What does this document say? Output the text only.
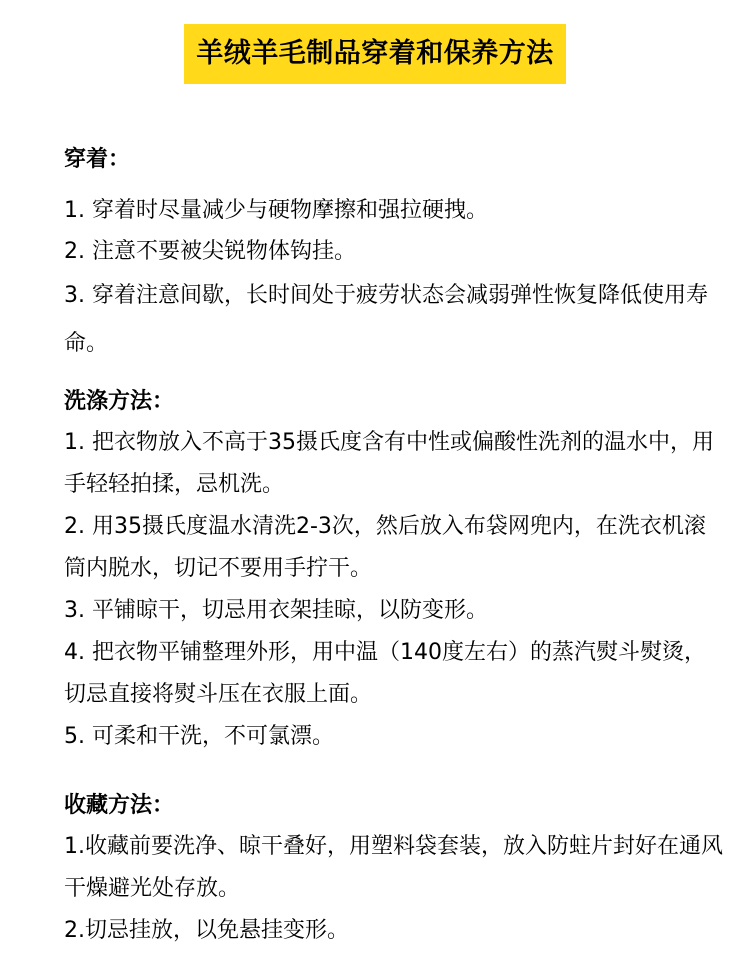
羊绒羊毛制品穿着和保养方法

穿着：

1. 穿着时尽量减少与硬物摩擦和强拉硬拽。

2. 注意不要被尖锐物体钩挂。

3. 穿着注意间歇，长时间处于疲劳状态会减弱弹性恢复降低使用寿命。

洗涤方法：

1. 把衣物放入不高于35摄氏度含有中性或偏酸性洗剂的温水中，用手轻轻拍揉，忌机洗。

2. 用35摄氏度温水清洗2-3次，然后放入布袋网兜内，在洗衣机滚筒内脱水，切记不要用手拧干。

3. 平铺晾干，切忌用衣架挂晾，以防变形。

4. 把衣物平铺整理外形，用中温（140度左右）的蒸汽熨斗熨烫，切忌直接将熨斗压在衣服上面。

5. 可柔和干洗，不可氯漂。

收藏方法：

1.收藏前要洗净、晾干叠好，用塑料袋套装，放入防蛀片封好在通风干燥避光处存放。

2.切忌挂放，以免悬挂变形。
